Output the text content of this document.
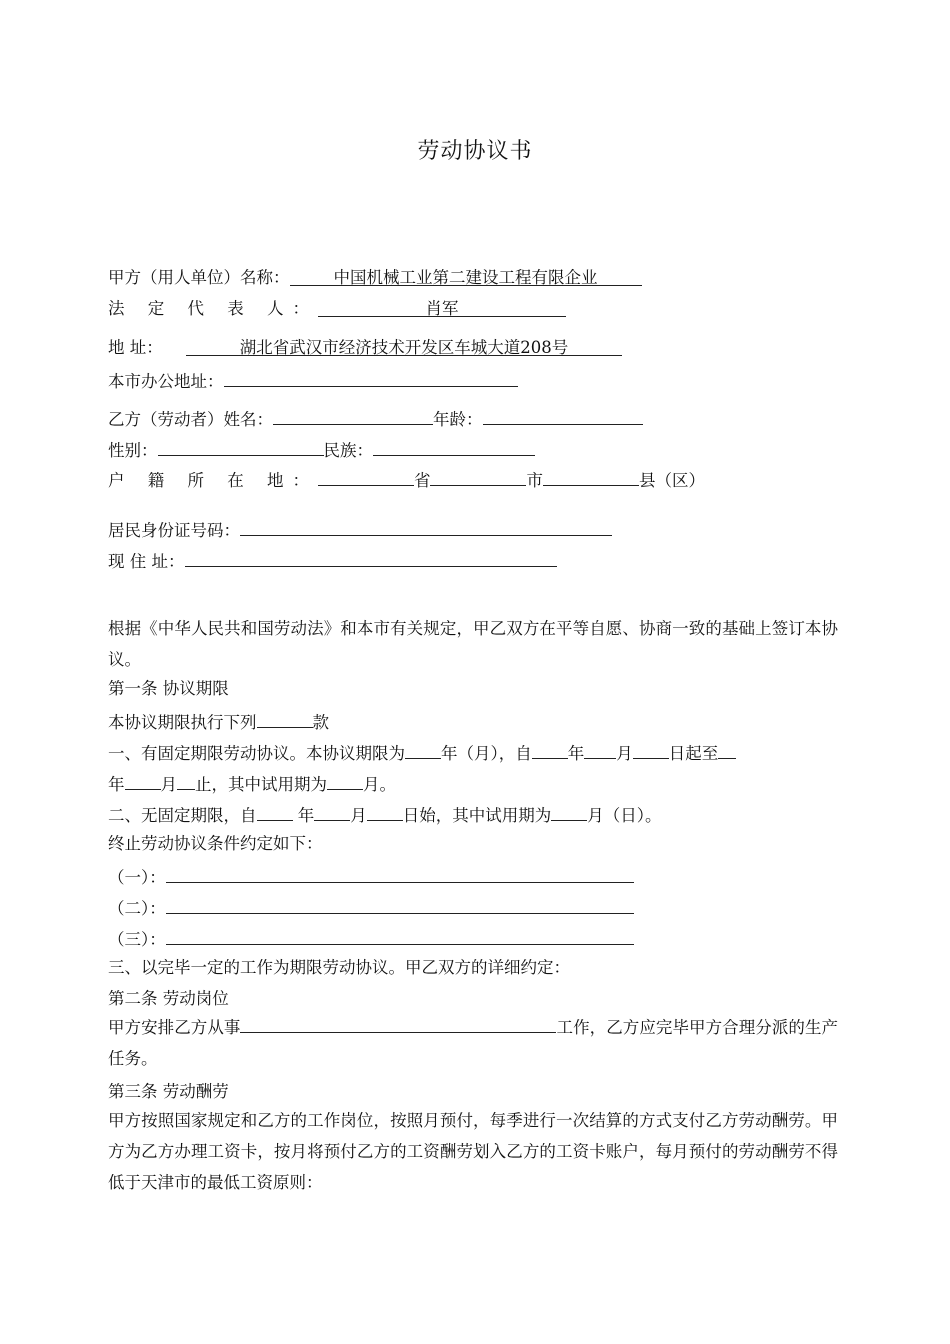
劳动协议书
甲方（用人单位）名称：	中国机械工业第二建设工程有限企业
法 定 代 表 人：	肖军
地 址：	湖北省武汉市经济技术开发区车城大道208号
本市办公地址：
乙方（劳动者）姓名：	年龄：
性别：	民族：
户 籍 所 在 地：	省	市	县（区）
居民身份证号码：
现 住 址：
根据《中华人民共和国劳动法》和本市有关规定，甲乙双方在平等自愿、协商一致的基础上签订本协议。
第一条 协议期限
本协议期限执行下列	款
一、有固定期限劳动协议。本协议期限为 年（月），自 年 月 日起至
年 月 止，其中试用期为 月。
二、无固定期限，自	年 月 日始，其中试用期为 月（日）。
终止劳动协议条件约定如下：
（一）：
（二）：
（三）：
三、以完毕一定的工作为期限劳动协议。甲乙双方的详细约定：
第二条 劳动岗位
甲方安排乙方从事	工作，乙方应完毕甲方合理分派的生产任务。
第三条 劳动酬劳
甲方按照国家规定和乙方的工作岗位，按照月预付，每季进行一次结算的方式支付乙方劳动酬劳。甲方为乙方办理工资卡，按月将预付乙方的工资酬劳划入乙方的工资卡账户，每月预付的劳动酬劳不得低于天津市的最低工资原则：
